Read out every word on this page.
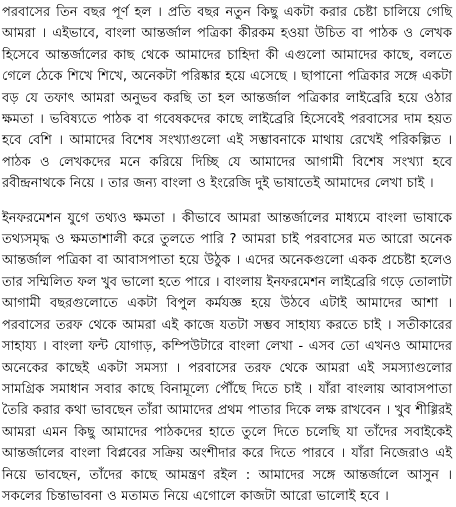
পরবাসের তিন বছর পূর্ণ হল । প্রতি বছর নতুন কিছু একটা করার চেষ্টা চালিয়ে গেছি আমরা । এইভাবে, বাংলা আন্তর্জাল পত্রিকা কীরকম হওয়া উচিত বা পাঠক ও লেখক হিসেবে আন্তর্জালের কাছ থেকে আমাদের চাহিদা কী এগুলো আমাদের কাছে, বলতে গেলে ঠেকে শিখে শিখে, অনেকটা পরিষ্কার হয়ে এসেছে । ছাপানো পত্রিকার সঙ্গে একটা বড় যে তফাৎ আমরা অনুভব করছি তা হল আন্তর্জাল পত্রিকার লাইব্রেরি হয়ে ওঠার ক্ষমতা । ভবিষ্যতে পাঠক বা গবেষকদের কাছে লাইব্রেরি হিসেবেই পরবাসের দাম হয়ত হবে বেশি । আমাদের বিশেষ সংখ্যাগুলো এই সম্ভাবনাকে মাথায় রেখেই পরিকল্পিত । পাঠক ও লেখকদের মনে করিয়ে দিচ্ছি যে আমাদের আগামী বিশেষ সংখ্যা হবে রবীন্দ্রনাথকে নিয়ে । তার জন্য বাংলা ও ইংরেজি দুই ভাষাতেই আমাদের লেখা চাই ।

ইনফরমেশন যুগে তথ্যও ক্ষমতা । কীভাবে আমরা আন্তর্জালের মাধ্যমে বাংলা ভাষাকে তথ্যসমৃদ্ধ ও ক্ষমতাশালী করে তুলতে পারি ? আমরা চাই পরবাসের মত আরো অনেক আন্তর্জাল পত্রিকা বা আবাসপাতা হয়ে উঠুক । এদের অনেকগুলো একক প্রচেষ্টা হলেও তার সম্মিলিত ফল খুব ভালো হতে পারে । বাংলায় ইনফরমেশন লাইব্রেরি গড়ে তোলাটা আগামী বছরগুলোতে একটা বিপুল কর্মযজ্ঞ হয়ে উঠবে এটাই আমাদের আশা । পরবাসের তরফ থেকে আমরা এই কাজে যতটা সম্ভব সাহায্য করতে চাই । সতীকারের সাহায্য । বাংলা ফন্ট যোগাড়, কম্পিউটারে বাংলা লেখা - এসব তো এখনও আমাদের অনেকের কাছেই একটা সমস্যা । পরবাসের তরফ থেকে আমরা এই সমস্যাগুলোর সামগ্রিক সমাধান সবার কাছে বিনামূল্যে পৌঁছে দিতে চাই । যাঁরা বাংলায় আবাসপাতা তৈরি করার কথা ভাবছেন তাঁরা আমাদের প্রথম পাতার দিকে লক্ষ রাখবেন । খুব শীগ্গিরই আমরা এমন কিছু আমাদের পাঠকদের হাতে তুলে দিতে চলেছি যা তাঁদের সবাইকেই আন্তর্জালের বাংলা বিপ্লবের সক্রিয় অংশীদার করে দিতে পারবে । যাঁরা নিজেরাও এই নিয়ে ভাবছেন, তাঁদের কাছে আমন্ত্রণ রইল : আমাদের সঙ্গে আন্তর্জালে আসুন । সকলের চিন্তাভাবনা ও মতামত নিয়ে এগোলে কাজটা আরো ভালোই হবে ।
